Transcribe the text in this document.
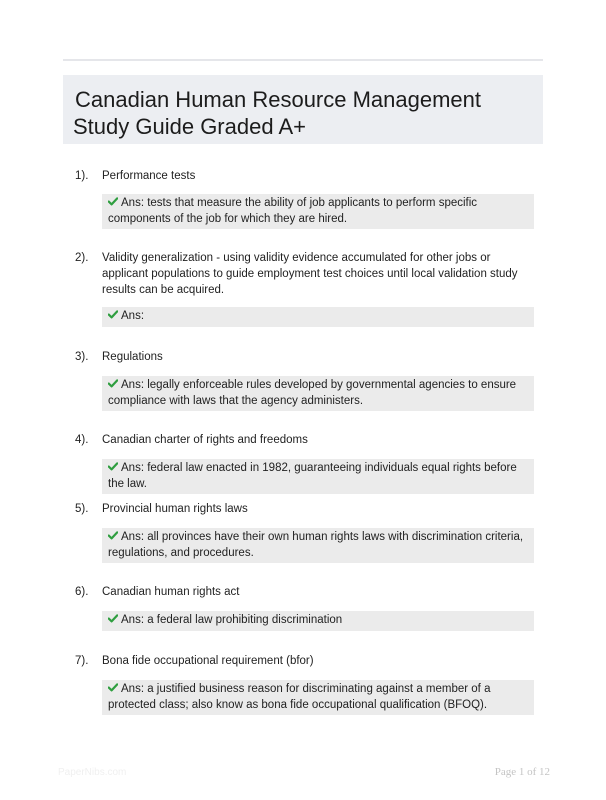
Canadian Human Resource Management Study Guide Graded A+
1). Performance tests
Ans: tests that measure the ability of job applicants to perform specific components of the job for which they are hired.
2). Validity generalization - using validity evidence accumulated for other jobs or applicant populations to guide employment test choices until local validation study results can be acquired.
Ans:
3). Regulations
Ans: legally enforceable rules developed by governmental agencies to ensure compliance with laws that the agency administers.
4). Canadian charter of rights and freedoms
Ans: federal law enacted in 1982, guaranteeing individuals equal rights before the law.
5). Provincial human rights laws
Ans: all provinces have their own human rights laws with discrimination criteria, regulations, and procedures.
6). Canadian human rights act
Ans: a federal law prohibiting discrimination
7). Bona fide occupational requirement (bfor)
Ans: a justified business reason for discriminating against a member of a protected class; also know as bona fide occupational qualification (BFOQ).
PaperNibs.com	Page 1 of 12
